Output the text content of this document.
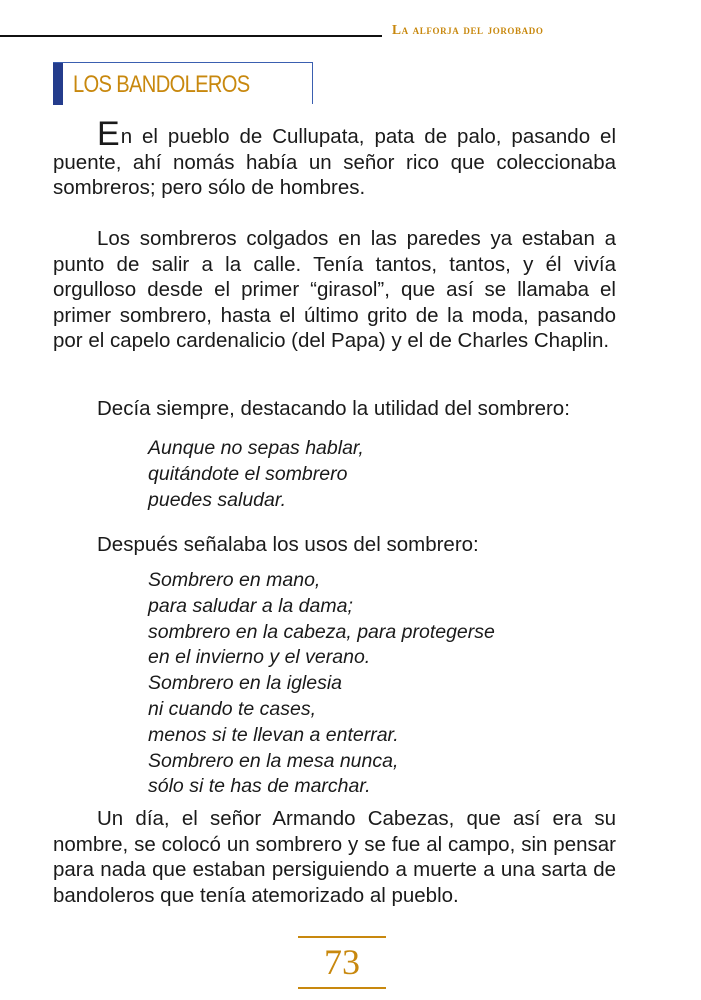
La alforja del jorobado
LOS BANDOLEROS

En el pueblo de Cullupata, pata de palo, pasando el puente, ahí nomás había un señor rico que coleccionaba sombreros; pero sólo de hombres.

Los sombreros colgados en las paredes ya estaban a punto de salir a la calle. Tenía tantos, tantos, y él vivía orgulloso desde el primer “girasol”, que así se llamaba el primer sombrero, hasta el último grito de la moda, pasando por el capelo cardenalicio (del Papa) y el de Charles Chaplin.

Decía siempre, destacando la utilidad del sombrero:

Aunque no sepas hablar,
quitándote el sombrero
puedes saludar.

Después señalaba los usos del sombrero:

Sombrero en mano,
para saludar a la dama;
sombrero en la cabeza, para protegerse
en el invierno y el verano.
Sombrero en la iglesia
ni cuando te cases,
menos si te llevan a enterrar.
Sombrero en la mesa nunca,
sólo si te has de marchar.

Un día, el señor Armando Cabezas, que así era su nombre, se colocó un sombrero y se fue al campo, sin pensar para nada que estaban persiguiendo a muerte a una sarta de bandoleros que tenía atemorizado al pueblo.

73
